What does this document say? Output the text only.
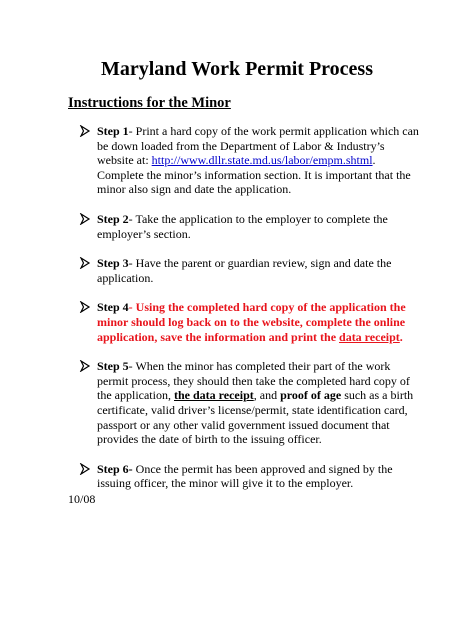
Maryland Work Permit Process
Instructions for the Minor
Step 1- Print a hard copy of the work permit application which can be down loaded from the Department of Labor & Industry’s website at: http://www.dllr.state.md.us/labor/empm.shtml. Complete the minor’s information section. It is important that the minor also sign and date the application.
Step 2- Take the application to the employer to complete the employer’s section.
Step 3- Have the parent or guardian review, sign and date the application.
Step 4- Using the completed hard copy of the application the minor should log back on to the website, complete the online application, save the information and print the data receipt.
Step 5- When the minor has completed their part of the work permit process, they should then take the completed hard copy of the application, the data receipt, and proof of age such as a birth certificate, valid driver’s license/permit, state identification card, passport or any other valid government issued document that provides the date of birth to the issuing officer.
Step 6- Once the permit has been approved and signed by the issuing officer, the minor will give it to the employer.
10/08
